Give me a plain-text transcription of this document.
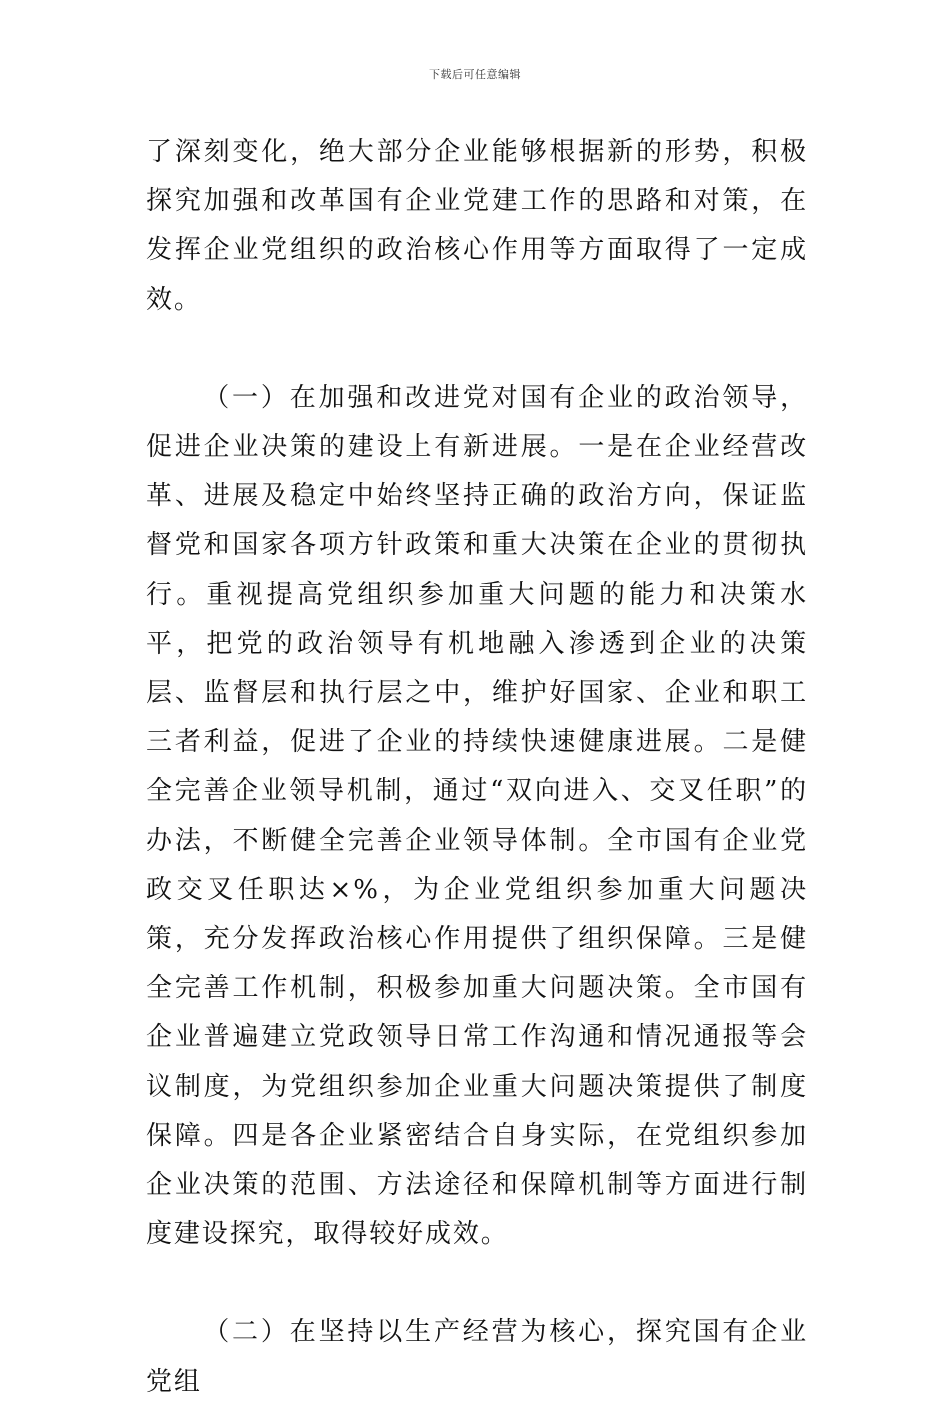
下载后可任意编辑

了深刻变化，绝大部分企业能够根据新的形势，积极探究加强和改革国有企业党建工作的思路和对策，在发挥企业党组织的政治核心作用等方面取得了一定成效。

（一）在加强和改进党对国有企业的政治领导，促进企业决策的建设上有新进展。一是在企业经营改革、进展及稳定中始终坚持正确的政治方向，保证监督党和国家各项方针政策和重大决策在企业的贯彻执行。重视提高党组织参加重大问题的能力和决策水平，把党的政治领导有机地融入渗透到企业的决策层、监督层和执行层之中，维护好国家、企业和职工三者利益，促进了企业的持续快速健康进展。二是健全完善企业领导机制，通过“双向进入、交叉任职”的办法，不断健全完善企业领导体制。全市国有企业党政交叉任职达×%，为企业党组织参加重大问题决策，充分发挥政治核心作用提供了组织保障。三是健全完善工作机制，积极参加重大问题决策。全市国有企业普遍建立党政领导日常工作沟通和情况通报等会议制度，为党组织参加企业重大问题决策提供了制度保障。四是各企业紧密结合自身实际，在党组织参加企业决策的范围、方法途径和保障机制等方面进行制度建设探究，取得较好成效。

（二）在坚持以生产经营为核心，探究国有企业党组
